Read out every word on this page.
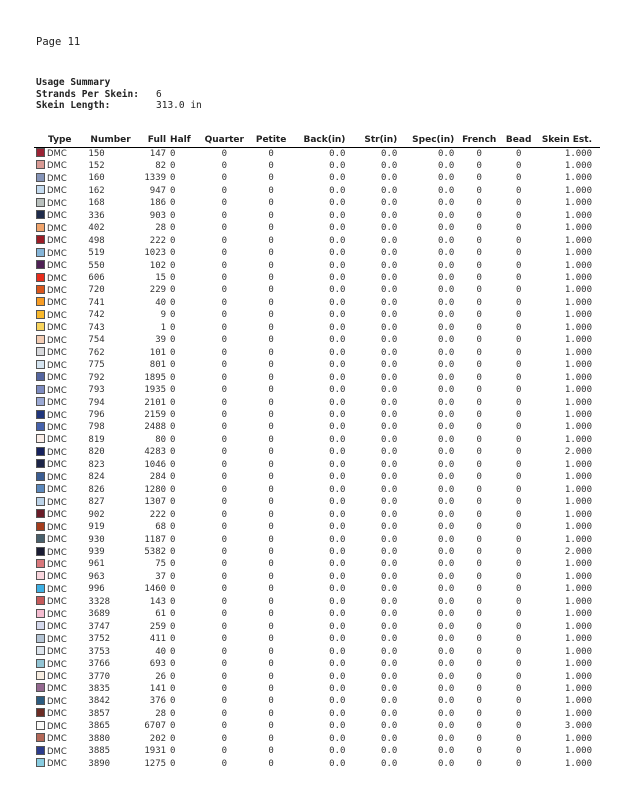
Page 11
Usage Summary
Strands Per Skein:	6
Skein Length:	313.0 in
Type	Number	Full	Half	Quarter	Petite	Back(in)	Str(in)	Spec(in)	French	Bead	Skein Est.
DMC	150	147	0	0	0	0.0	0.0	0.0	0	0	1.000
DMC	152	82	0	0	0	0.0	0.0	0.0	0	0	1.000
DMC	160	1339	0	0	0	0.0	0.0	0.0	0	0	1.000
DMC	162	947	0	0	0	0.0	0.0	0.0	0	0	1.000
DMC	168	186	0	0	0	0.0	0.0	0.0	0	0	1.000
DMC	336	903	0	0	0	0.0	0.0	0.0	0	0	1.000
DMC	402	28	0	0	0	0.0	0.0	0.0	0	0	1.000
DMC	498	222	0	0	0	0.0	0.0	0.0	0	0	1.000
DMC	519	1023	0	0	0	0.0	0.0	0.0	0	0	1.000
DMC	550	102	0	0	0	0.0	0.0	0.0	0	0	1.000
DMC	606	15	0	0	0	0.0	0.0	0.0	0	0	1.000
DMC	720	229	0	0	0	0.0	0.0	0.0	0	0	1.000
DMC	741	40	0	0	0	0.0	0.0	0.0	0	0	1.000
DMC	742	9	0	0	0	0.0	0.0	0.0	0	0	1.000
DMC	743	1	0	0	0	0.0	0.0	0.0	0	0	1.000
DMC	754	39	0	0	0	0.0	0.0	0.0	0	0	1.000
DMC	762	101	0	0	0	0.0	0.0	0.0	0	0	1.000
DMC	775	801	0	0	0	0.0	0.0	0.0	0	0	1.000
DMC	792	1895	0	0	0	0.0	0.0	0.0	0	0	1.000
DMC	793	1935	0	0	0	0.0	0.0	0.0	0	0	1.000
DMC	794	2101	0	0	0	0.0	0.0	0.0	0	0	1.000
DMC	796	2159	0	0	0	0.0	0.0	0.0	0	0	1.000
DMC	798	2488	0	0	0	0.0	0.0	0.0	0	0	1.000
DMC	819	80	0	0	0	0.0	0.0	0.0	0	0	1.000
DMC	820	4283	0	0	0	0.0	0.0	0.0	0	0	2.000
DMC	823	1046	0	0	0	0.0	0.0	0.0	0	0	1.000
DMC	824	284	0	0	0	0.0	0.0	0.0	0	0	1.000
DMC	826	1280	0	0	0	0.0	0.0	0.0	0	0	1.000
DMC	827	1307	0	0	0	0.0	0.0	0.0	0	0	1.000
DMC	902	222	0	0	0	0.0	0.0	0.0	0	0	1.000
DMC	919	68	0	0	0	0.0	0.0	0.0	0	0	1.000
DMC	930	1187	0	0	0	0.0	0.0	0.0	0	0	1.000
DMC	939	5382	0	0	0	0.0	0.0	0.0	0	0	2.000
DMC	961	75	0	0	0	0.0	0.0	0.0	0	0	1.000
DMC	963	37	0	0	0	0.0	0.0	0.0	0	0	1.000
DMC	996	1460	0	0	0	0.0	0.0	0.0	0	0	1.000
DMC	3328	143	0	0	0	0.0	0.0	0.0	0	0	1.000
DMC	3689	61	0	0	0	0.0	0.0	0.0	0	0	1.000
DMC	3747	259	0	0	0	0.0	0.0	0.0	0	0	1.000
DMC	3752	411	0	0	0	0.0	0.0	0.0	0	0	1.000
DMC	3753	40	0	0	0	0.0	0.0	0.0	0	0	1.000
DMC	3766	693	0	0	0	0.0	0.0	0.0	0	0	1.000
DMC	3770	26	0	0	0	0.0	0.0	0.0	0	0	1.000
DMC	3835	141	0	0	0	0.0	0.0	0.0	0	0	1.000
DMC	3842	376	0	0	0	0.0	0.0	0.0	0	0	1.000
DMC	3857	28	0	0	0	0.0	0.0	0.0	0	0	1.000
DMC	3865	6707	0	0	0	0.0	0.0	0.0	0	0	3.000
DMC	3880	202	0	0	0	0.0	0.0	0.0	0	0	1.000
DMC	3885	1931	0	0	0	0.0	0.0	0.0	0	0	1.000
DMC	3890	1275	0	0	0	0.0	0.0	0.0	0	0	1.000
